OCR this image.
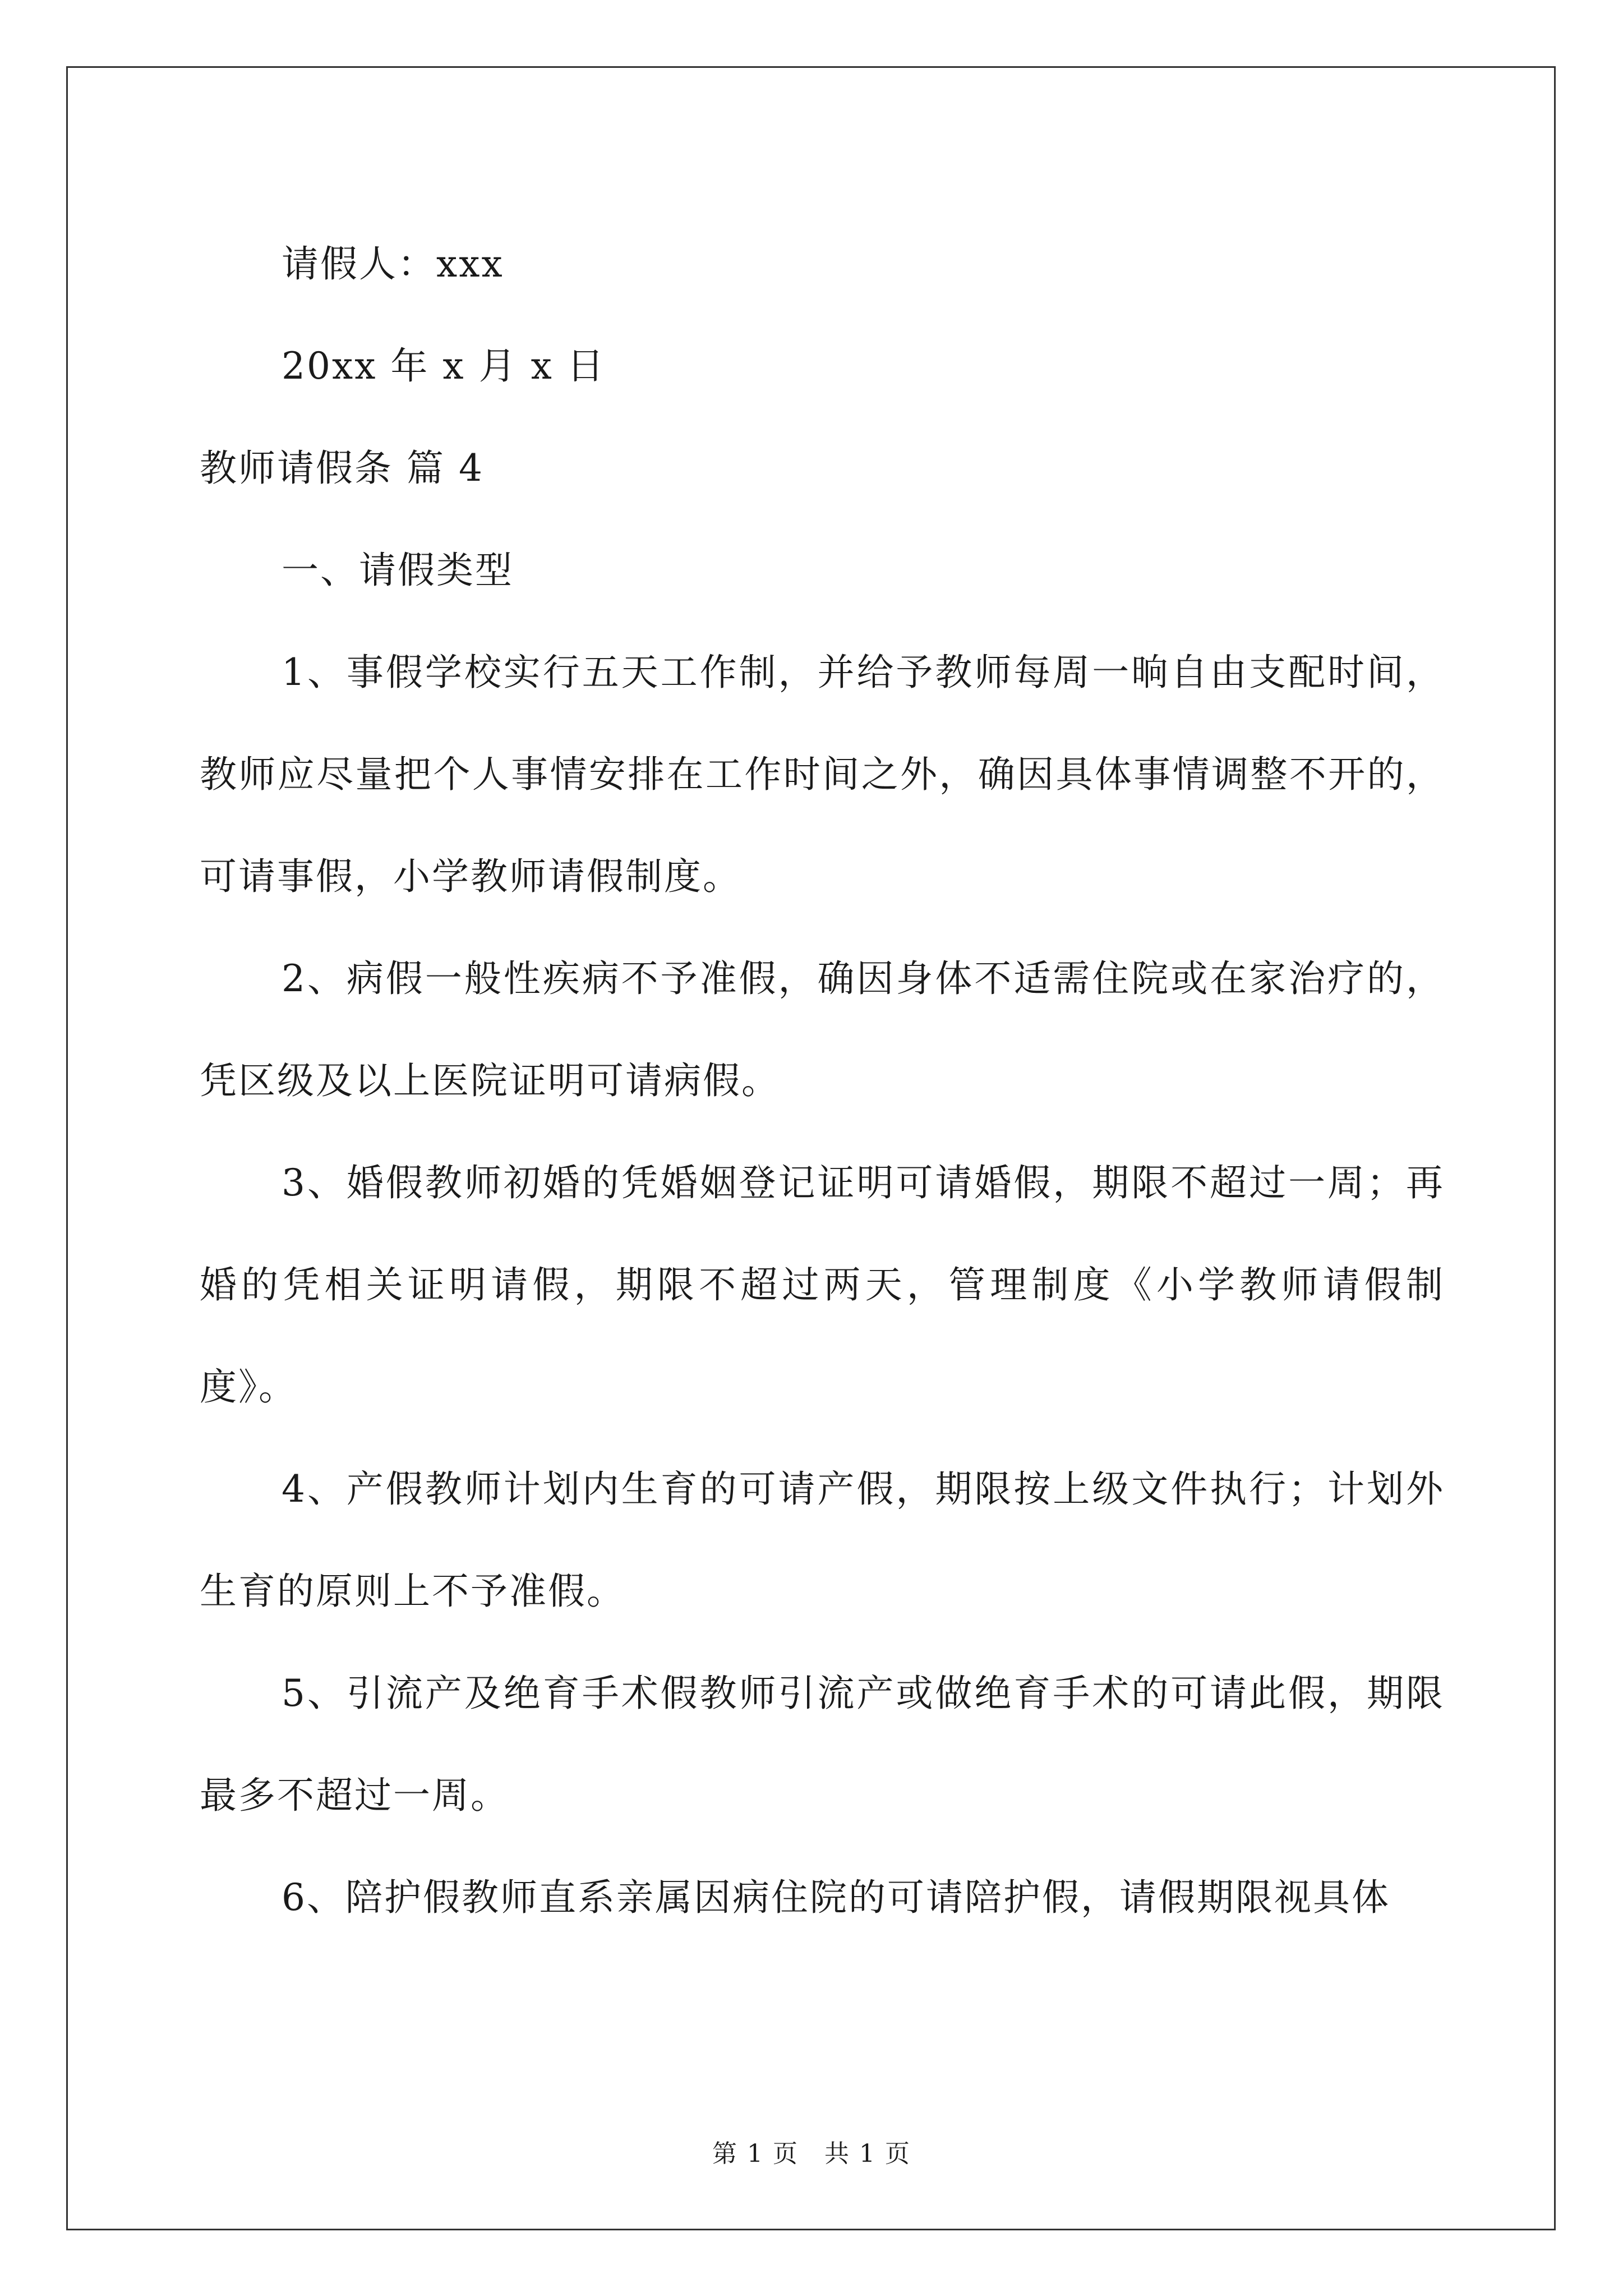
请假人：xxx
20xx 年 x 月 x 日
教师请假条 篇 4
一、请假类型
1、事假学校实行五天工作制，并给予教师每周一晌自由支配时间，教师应尽量把个人事情安排在工作时间之外，确因具体事情调整不开的，可请事假，小学教师请假制度。
2、病假一般性疾病不予准假，确因身体不适需住院或在家治疗的，凭区级及以上医院证明可请病假。
3、婚假教师初婚的凭婚姻登记证明可请婚假，期限不超过一周；再婚的凭相关证明请假，期限不超过两天，管理制度《小学教师请假制度》。
4、产假教师计划内生育的可请产假，期限按上级文件执行；计划外生育的原则上不予准假。
5、引流产及绝育手术假教师引流产或做绝育手术的可请此假，期限最多不超过一周。
6、陪护假教师直系亲属因病住院的可请陪护假，请假期限视具体
第 1 页　共 1 页
